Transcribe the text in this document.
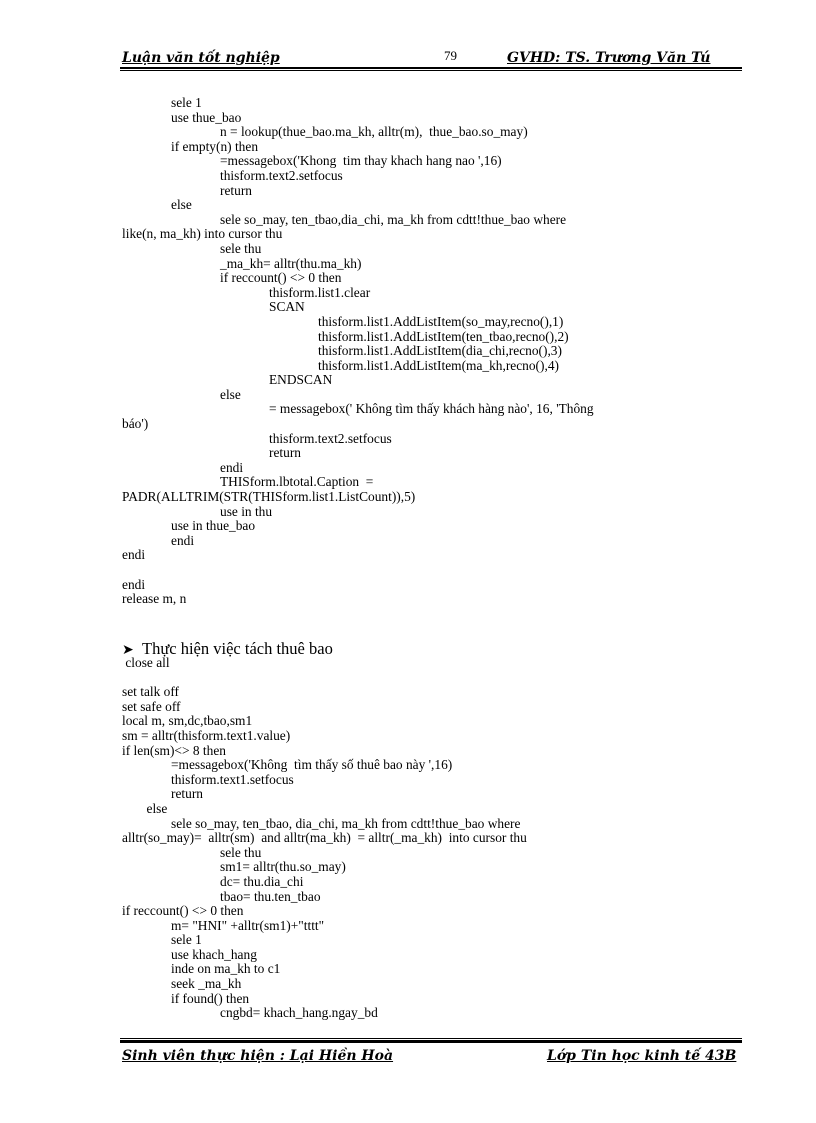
Luận văn tốt nghiệp	79	GVHD: TS. Trương Văn Tú
sele 1
use thue_bao
n = lookup(thue_bao.ma_kh, alltr(m),  thue_bao.so_may)
if empty(n) then
=messagebox('Khong  tim thay khach hang nao ',16)
thisform.text2.setfocus
return
else
sele so_may, ten_tbao,dia_chi, ma_kh from cdtt!thue_bao where
like(n, ma_kh) into cursor thu
sele thu
_ma_kh= alltr(thu.ma_kh)
if reccount() <> 0 then
thisform.list1.clear
SCAN
thisform.list1.AddListItem(so_may,recno(),1)
thisform.list1.AddListItem(ten_tbao,recno(),2)
thisform.list1.AddListItem(dia_chi,recno(),3)
thisform.list1.AddListItem(ma_kh,recno(),4)
ENDSCAN
else
= messagebox(' Không tìm thấy khách hàng nào', 16, 'Thông
báo')
thisform.text2.setfocus
return
endi
THISform.lbtotal.Caption  =
PADR(ALLTRIM(STR(THISform.list1.ListCount)),5)
use in thu
use in thue_bao
endi
endi
endi
release m, n
➤ Thực hiện việc tách thuê bao
close all
set talk off
set safe off
local m, sm,dc,tbao,sm1
sm = alltr(thisform.text1.value)
if len(sm)<> 8 then
=messagebox('Không  tìm thấy số thuê bao này ',16)
thisform.text1.setfocus
return
else
sele so_may, ten_tbao, dia_chi, ma_kh from cdtt!thue_bao where
alltr(so_may)=  alltr(sm)  and alltr(ma_kh)  = alltr(_ma_kh)  into cursor thu
sele thu
sm1= alltr(thu.so_may)
dc= thu.dia_chi
tbao= thu.ten_tbao
if reccount() <> 0 then
m= "HNI" +alltr(sm1)+"tttt"
sele 1
use khach_hang
inde on ma_kh to c1
seek _ma_kh
if found() then
cngbd= khach_hang.ngay_bd
Sinh viên thực hiện : Lại Hiền Hoà	Lớp Tin học kinh tế 43B
